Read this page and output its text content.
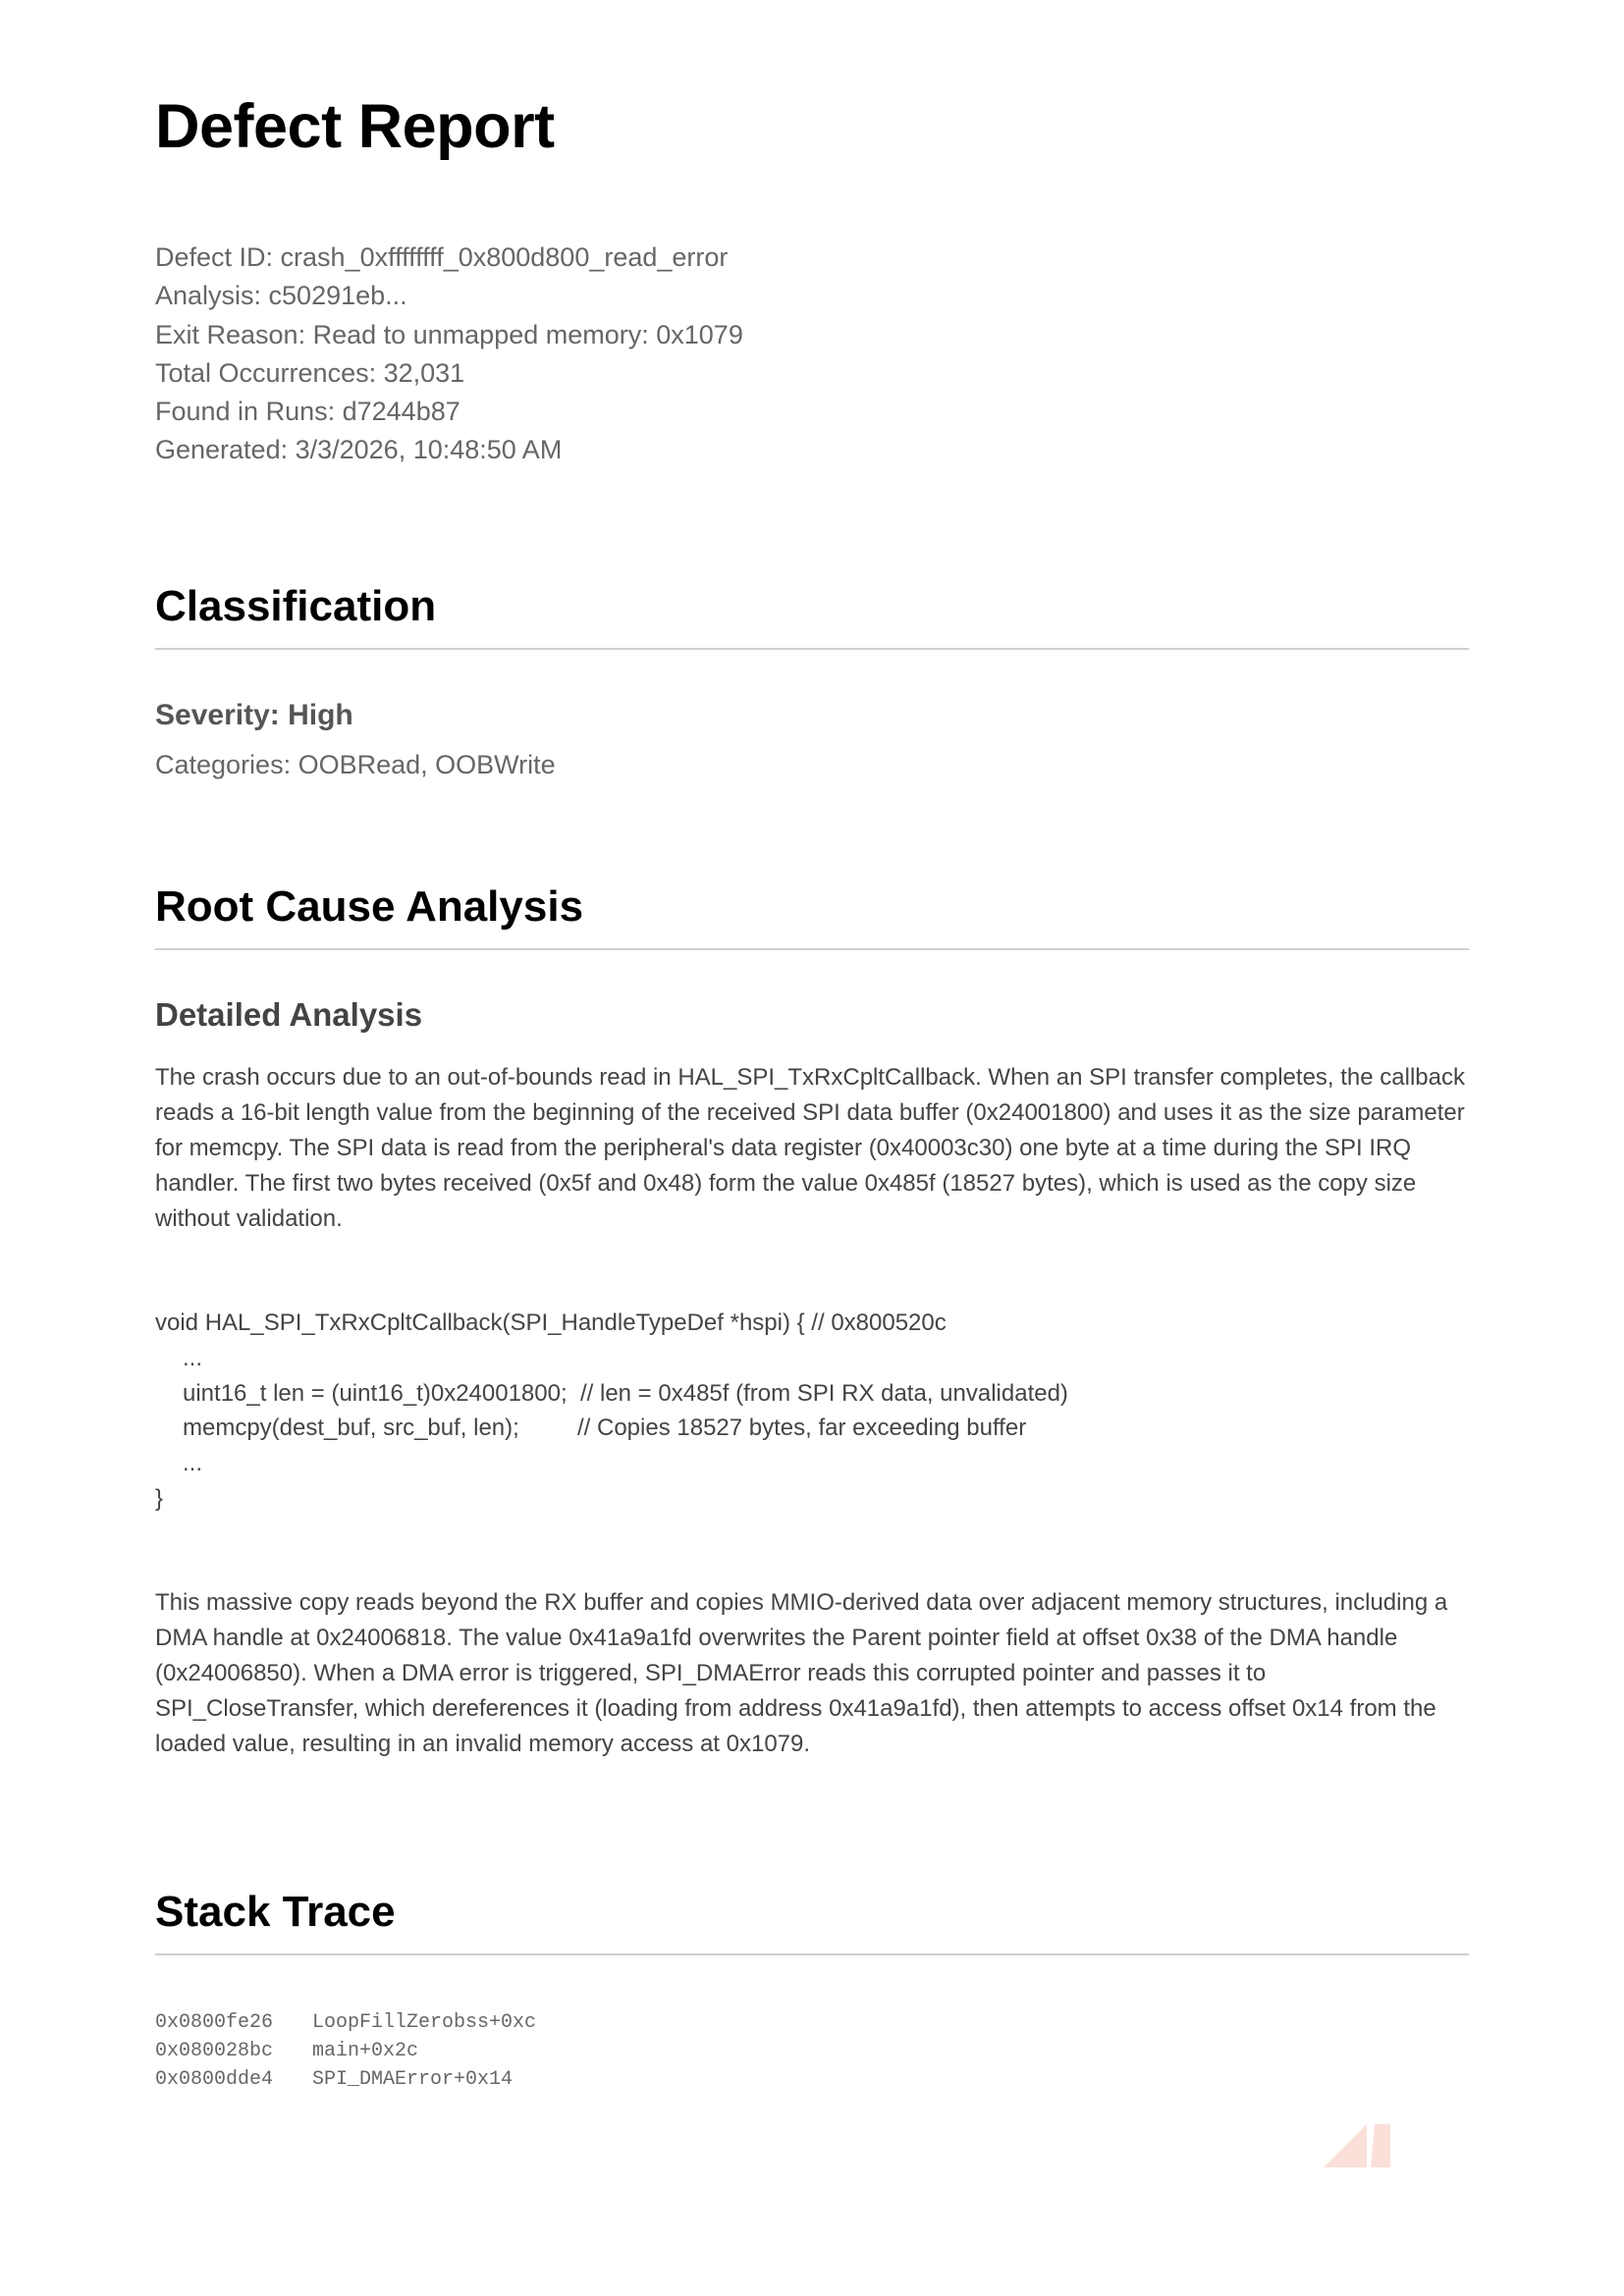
Defect Report
Defect ID: crash_0xffffffff_0x800d800_read_error
Analysis: c50291eb...
Exit Reason: Read to unmapped memory: 0x1079
Total Occurrences: 32,031
Found in Runs: d7244b87
Generated: 3/3/2026, 10:48:50 AM
Classification
Severity: High
Categories: OOBRead, OOBWrite
Root Cause Analysis
Detailed Analysis

The crash occurs due to an out-of-bounds read in HAL_SPI_TxRxCpltCallback. When an SPI transfer completes, the callback reads a 16-bit length value from the beginning of the received SPI data buffer (0x24001800) and uses it as the size parameter for memcpy. The SPI data is read from the peripheral's data register (0x40003c30) one byte at a time during the SPI IRQ handler. The first two bytes received (0x5f and 0x48) form the value 0x485f (18527 bytes), which is used as the copy size without validation.

void HAL_SPI_TxRxCpltCallback(SPI_HandleTypeDef *hspi) { // 0x800520c
...
uint16_t len = (uint16_t)0x24001800; // len = 0x485f (from SPI RX data, unvalidated)
memcpy(dest_buf, src_buf, len); // Copies 18527 bytes, far exceeding buffer
...
}

This massive copy reads beyond the RX buffer and copies MMIO-derived data over adjacent memory structures, including a DMA handle at 0x24006818. The value 0x41a9a1fd overwrites the Parent pointer field at offset 0x38 of the DMA handle (0x24006850). When a DMA error is triggered, SPI_DMAError reads this corrupted pointer and passes it to SPI_CloseTransfer, which dereferences it (loading from address 0x41a9a1fd), then attempts to access offset 0x14 from the loaded value, resulting in an invalid memory access at 0x1079.

Stack Trace
0x0800fe26 LoopFillZerobss+0xc
0x080028bc main+0x2c
0x0800dde4 SPI_DMAError+0x14
